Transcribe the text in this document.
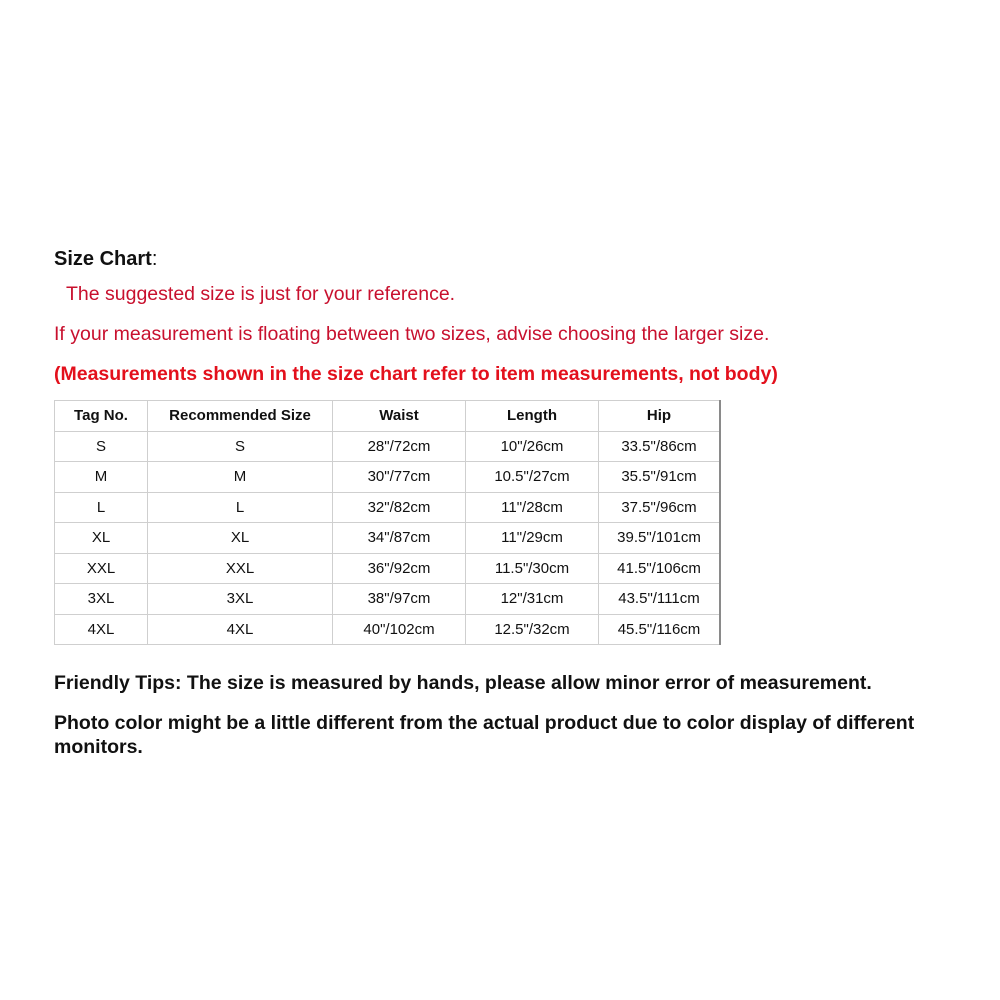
Size Chart:
The suggested size is just for your reference.
If your measurement is floating between two sizes, advise choosing the larger size.
(Measurements shown in the size chart refer to item measurements, not body)
Tag No.	Recommended Size	Waist	Length	Hip
S	S	28"/72cm	10"/26cm	33.5"/86cm
M	M	30"/77cm	10.5"/27cm	35.5"/91cm
L	L	32"/82cm	11"/28cm	37.5"/96cm
XL	XL	34"/87cm	11"/29cm	39.5"/101cm
XXL	XXL	36"/92cm	11.5"/30cm	41.5"/106cm
3XL	3XL	38"/97cm	12"/31cm	43.5"/111cm
4XL	4XL	40"/102cm	12.5"/32cm	45.5"/116cm
Friendly Tips: The size is measured by hands, please allow minor error of measurement.
Photo color might be a little different from the actual product due to color display of different monitors.
